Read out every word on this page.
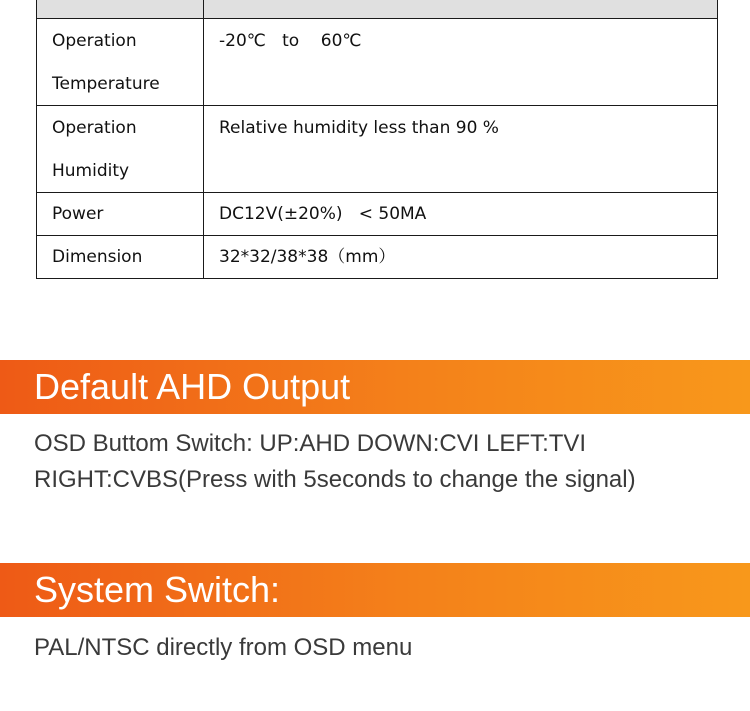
Operation
Temperature	-20℃   to    60℃

Operation
Humidity	Relative humidity less than 90 %

Power	DC12V(±20%)   < 50MA

Dimension	32*32/38*38（mm）
Default AHD Output
OSD Buttom Switch: UP:AHD DOWN:CVI LEFT:TVI
RIGHT:CVBS(Press with 5seconds to change the signal)
System Switch:
PAL/NTSC directly from OSD menu
